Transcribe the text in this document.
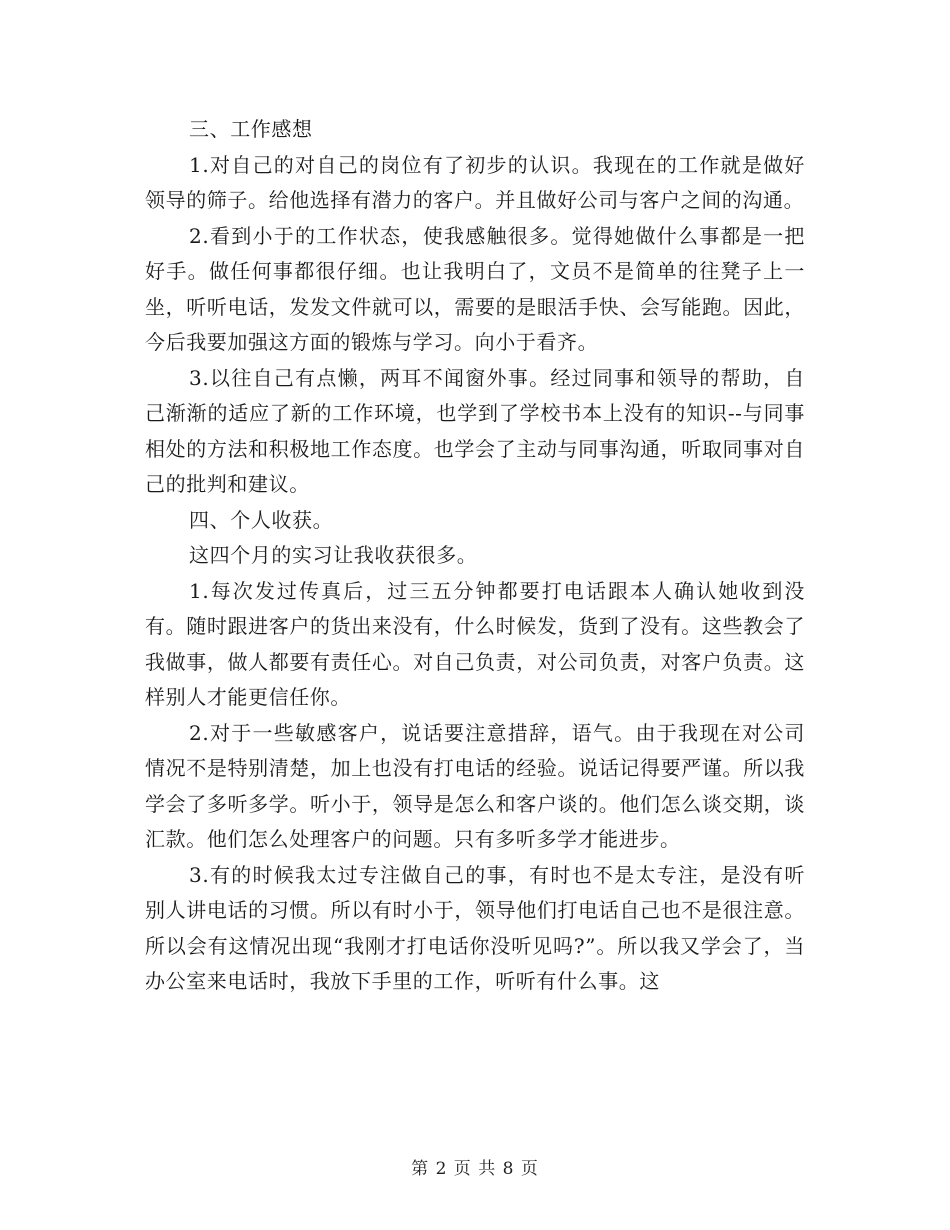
三、工作感想

1.对自己的对自己的岗位有了初步的认识。我现在的工作就是做好领导的筛子。给他选择有潜力的客户。并且做好公司与客户之间的沟通。

2.看到小于的工作状态，使我感触很多。觉得她做什么事都是一把好手。做任何事都很仔细。也让我明白了，文员不是简单的往凳子上一坐，听听电话，发发文件就可以，需要的是眼活手快、会写能跑。因此，今后我要加强这方面的锻炼与学习。向小于看齐。

3.以往自己有点懒，两耳不闻窗外事。经过同事和领导的帮助，自己渐渐的适应了新的工作环境，也学到了学校书本上没有的知识--与同事相处的方法和积极地工作态度。也学会了主动与同事沟通，听取同事对自己的批判和建议。

四、个人收获。

这四个月的实习让我收获很多。

1.每次发过传真后，过三五分钟都要打电话跟本人确认她收到没有。随时跟进客户的货出来没有，什么时候发，货到了没有。这些教会了我做事，做人都要有责任心。对自己负责，对公司负责，对客户负责。这样别人才能更信任你。

2.对于一些敏感客户，说话要注意措辞，语气。由于我现在对公司情况不是特别清楚，加上也没有打电话的经验。说话记得要严谨。所以我学会了多听多学。听小于，领导是怎么和客户谈的。他们怎么谈交期，谈汇款。他们怎么处理客户的问题。只有多听多学才能进步。

3.有的时候我太过专注做自己的事，有时也不是太专注，是没有听别人讲电话的习惯。所以有时小于，领导他们打电话自己也不是很注意。所以会有这情况出现“我刚才打电话你没听见吗?”。所以我又学会了，当办公室来电话时，我放下手里的工作，听听有什么事。这

第 2 页 共 8 页
